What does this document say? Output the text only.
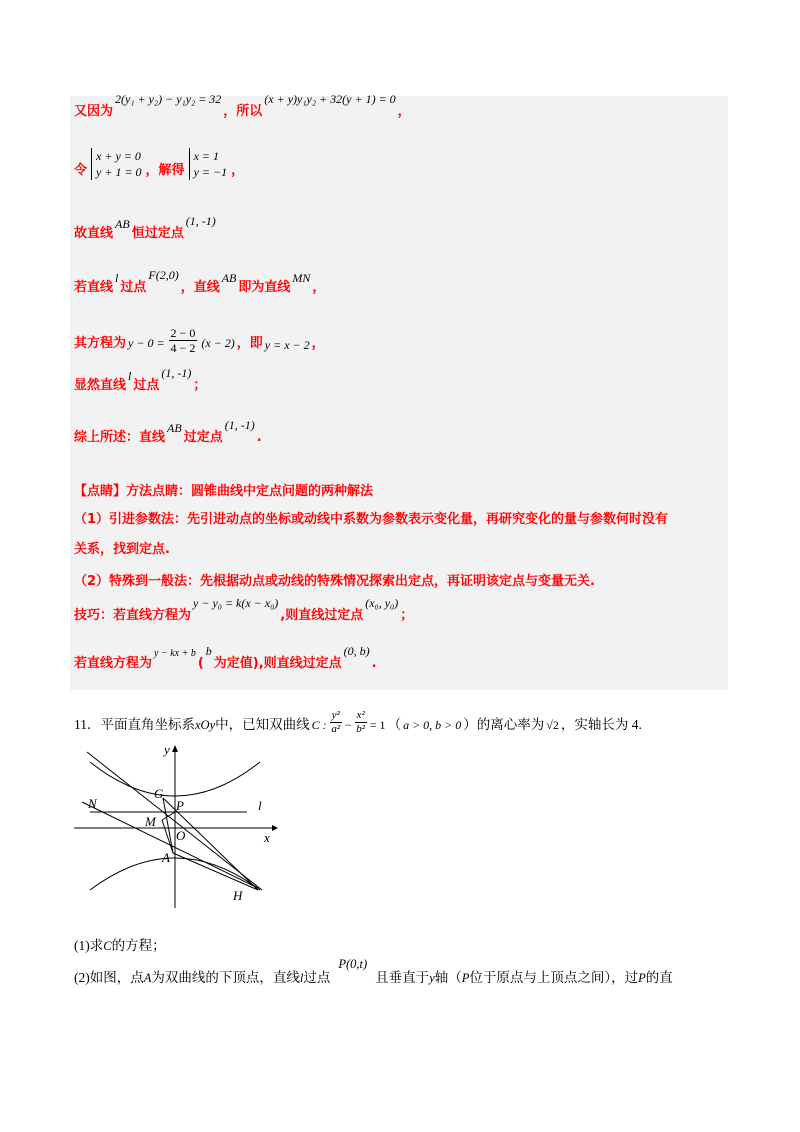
又因为
2(y₁ + y₂) − y₁y₂ = 32
，所以
(x + y)y₁y₂ + 32(y + 1) = 0
，
令
x + y = 0
y + 1 = 0 ，解得
x = 1
y = −1 ，
故直线
AB
恒过定点
(1, -1)
若直线
l
过点
F(2,0)
，直线
AB
即为直线
MN
，
其方程为 $y - 0 = \frac{2 - 0}{4 - 2} (x - 2)$ ，即 y = x − 2 ，
显然直线
l
过点
(1, -1)
；
综上所述：直线
AB
过定点
(1, -1)
.
【点睛】方法点睛：圆锥曲线中定点问题的两种解法
（1）引进参数法：先引进动点的坐标或动线中系数为参数表示变化量，再研究变化的量与参数何时没有
关系，找到定点.
（2）特殊到一般法：先根据动点或动线的特殊情况探索出定点，再证明该定点与变量无关.
技巧：若直线方程为
y − y₀ = k(x − x₀)
,则直线过定点
(x₀, y₀)
；
若直线方程为
y − kx + b
(
b
为定值),则直线过定点
(0, b)
.
11． 平面直角坐标系 xOy 中，已知双曲线 C : $\frac{\text{y²}}{\text{a²}} - \frac{\text{x²}}{\text{b²}} = 1$ （ a > 0, b > 0 ）的离心率为 √2 ，实轴长为 4.
y
x
G
P
N
M
O
A
H
l
(1)求 C 的方程；
(2)如图，点 A 为双曲线的下顶点，直线 l 过点
P(0,t)
且垂直于 y 轴（ P 位于原点与上顶点之间），过 P 的直
